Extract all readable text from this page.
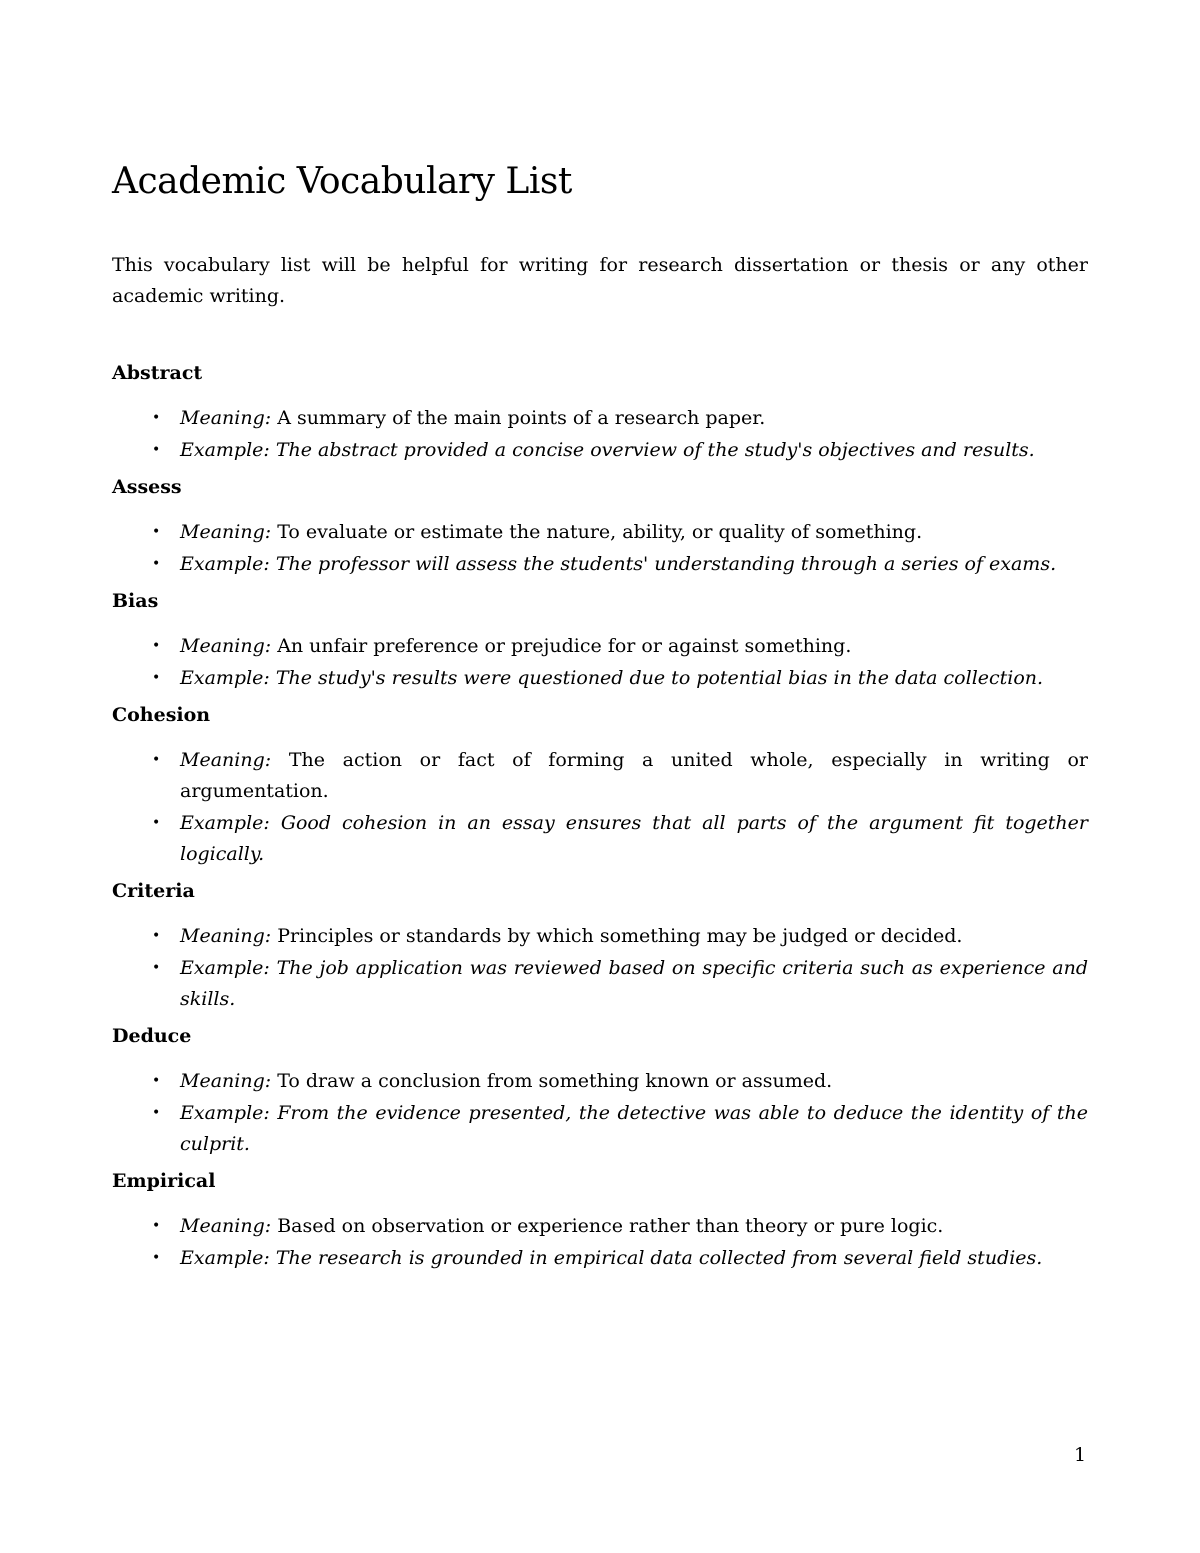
Academic Vocabulary List

This vocabulary list will be helpful for writing for research dissertation or thesis or any other academic writing.

Abstract

• Meaning: A summary of the main points of a research paper.
• Example: The abstract provided a concise overview of the study's objectives and results.

Assess

• Meaning: To evaluate or estimate the nature, ability, or quality of something.
• Example: The professor will assess the students' understanding through a series of exams.

Bias

• Meaning: An unfair preference or prejudice for or against something.
• Example: The study's results were questioned due to potential bias in the data collection.

Cohesion

• Meaning: The action or fact of forming a united whole, especially in writing or argumentation.
• Example: Good cohesion in an essay ensures that all parts of the argument fit together logically.

Criteria

• Meaning: Principles or standards by which something may be judged or decided.
• Example: The job application was reviewed based on specific criteria such as experience and skills.

Deduce

• Meaning: To draw a conclusion from something known or assumed.
• Example: From the evidence presented, the detective was able to deduce the identity of the culprit.

Empirical

• Meaning: Based on observation or experience rather than theory or pure logic.
• Example: The research is grounded in empirical data collected from several field studies.
1
